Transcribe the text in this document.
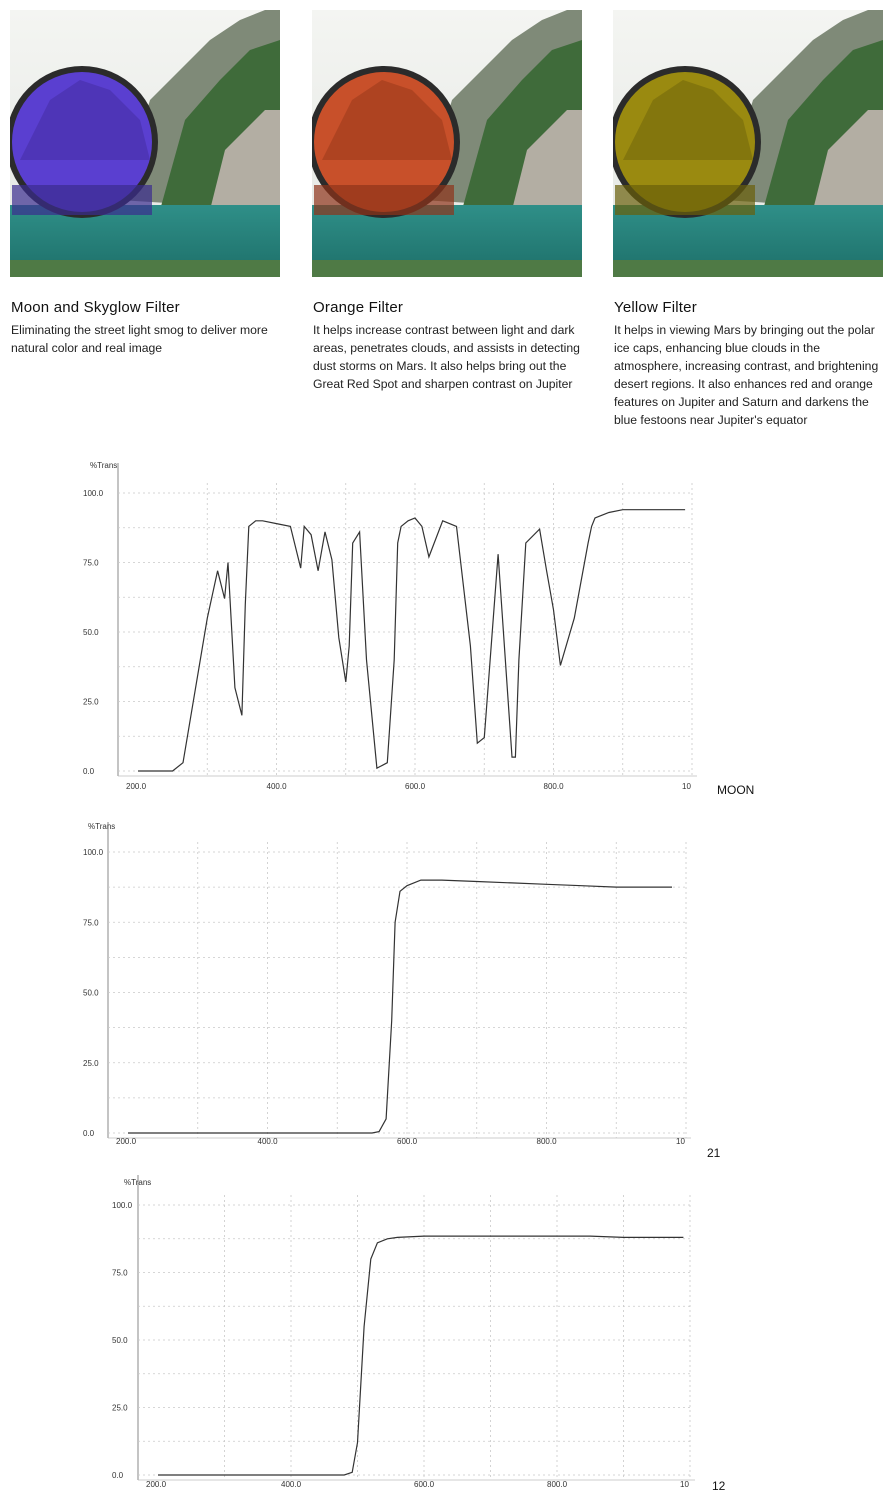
Moon and Skyglow Filter
Eliminating the street light smog to deliver more natural color and real image
Orange Filter
It helps increase contrast between light and dark areas, penetrates clouds, and assists in detecting dust storms on Mars. It also helps bring out the Great Red Spot and sharpen contrast on Jupiter
Yellow Filter
It helps in viewing Mars by bringing out the polar ice caps, enhancing blue clouds in the atmosphere, increasing contrast, and brightening desert regions. It also enhances red and orange features on Jupiter and Saturn and darkens the blue festoons near Jupiter's equator
%Trans
100.0
75.0
50.0
25.0
0.0
200.0	400.0	600.0	800.0	10 MOON
%Trans
100.0
75.0
50.0
25.0
0.0
200.0	400.0	600.0	800.0	10
21
%Trans
100.0
75.0
50.0
25.0
0.0
200.0	400.0	600.0	800.0	10 12
